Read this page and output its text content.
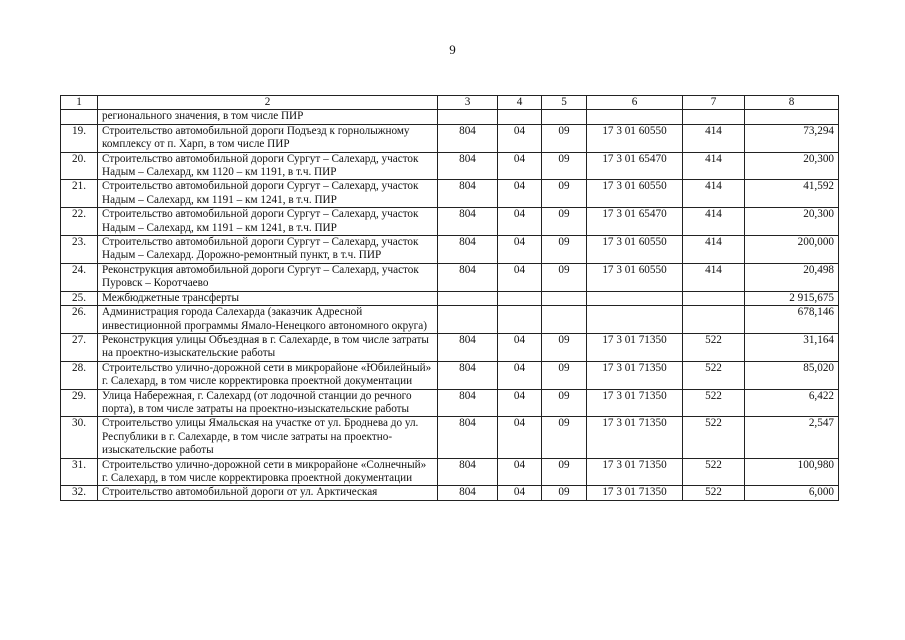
9
1	2	3	4	5	6	7	8
	регионального значения, в том числе ПИР						
19.	Строительство автомобильной дороги Подъезд к горнолыжному комплексу от п. Харп, в том числе ПИР	804	04	09	17 3 01 60550	414	73,294
20.	Строительство автомобильной дороги Сургут – Салехард, участок Надым – Салехард, км 1120 – км 1191, в т.ч. ПИР	804	04	09	17 3 01 65470	414	20,300
21.	Строительство автомобильной дороги Сургут – Салехард, участок Надым – Салехард, км 1191 – км 1241, в т.ч. ПИР	804	04	09	17 3 01 60550	414	41,592
22.	Строительство автомобильной дороги Сургут – Салехард, участок Надым – Салехард, км 1191 – км 1241, в т.ч. ПИР	804	04	09	17 3 01 65470	414	20,300
23.	Строительство автомобильной дороги Сургут – Салехард, участок Надым – Салехард. Дорожно-ремонтный пункт, в т.ч. ПИР	804	04	09	17 3 01 60550	414	200,000
24.	Реконструкция автомобильной дороги Сургут – Салехард, участок Пуровск – Коротчаево	804	04	09	17 3 01 60550	414	20,498
25.	Межбюджетные трансферты						2 915,675
26.	Администрация города Салехарда (заказчик Адресной инвестиционной программы Ямало-Ненецкого автономного округа)						678,146
27.	Реконструкция улицы Объездная в г. Салехарде, в том числе затраты на проектно-изыскательские работы	804	04	09	17 3 01 71350	522	31,164
28.	Строительство улично-дорожной сети в микрорайоне «Юбилейный» г. Салехард, в том числе корректировка проектной документации	804	04	09	17 3 01 71350	522	85,020
29.	Улица Набережная, г. Салехард (от лодочной станции до речного порта), в том числе затраты на проектно-изыскательские работы	804	04	09	17 3 01 71350	522	6,422
30.	Строительство улицы Ямальская на участке от ул. Броднева до ул. Республики в г. Салехарде, в том числе затраты на проектно-изыскательские работы	804	04	09	17 3 01 71350	522	2,547
31.	Строительство улично-дорожной сети в микрорайоне «Солнечный» г. Салехард, в том числе корректировка проектной документации	804	04	09	17 3 01 71350	522	100,980
32.	Строительство автомобильной дороги от ул. Арктическая	804	04	09	17 3 01 71350	522	6,000
